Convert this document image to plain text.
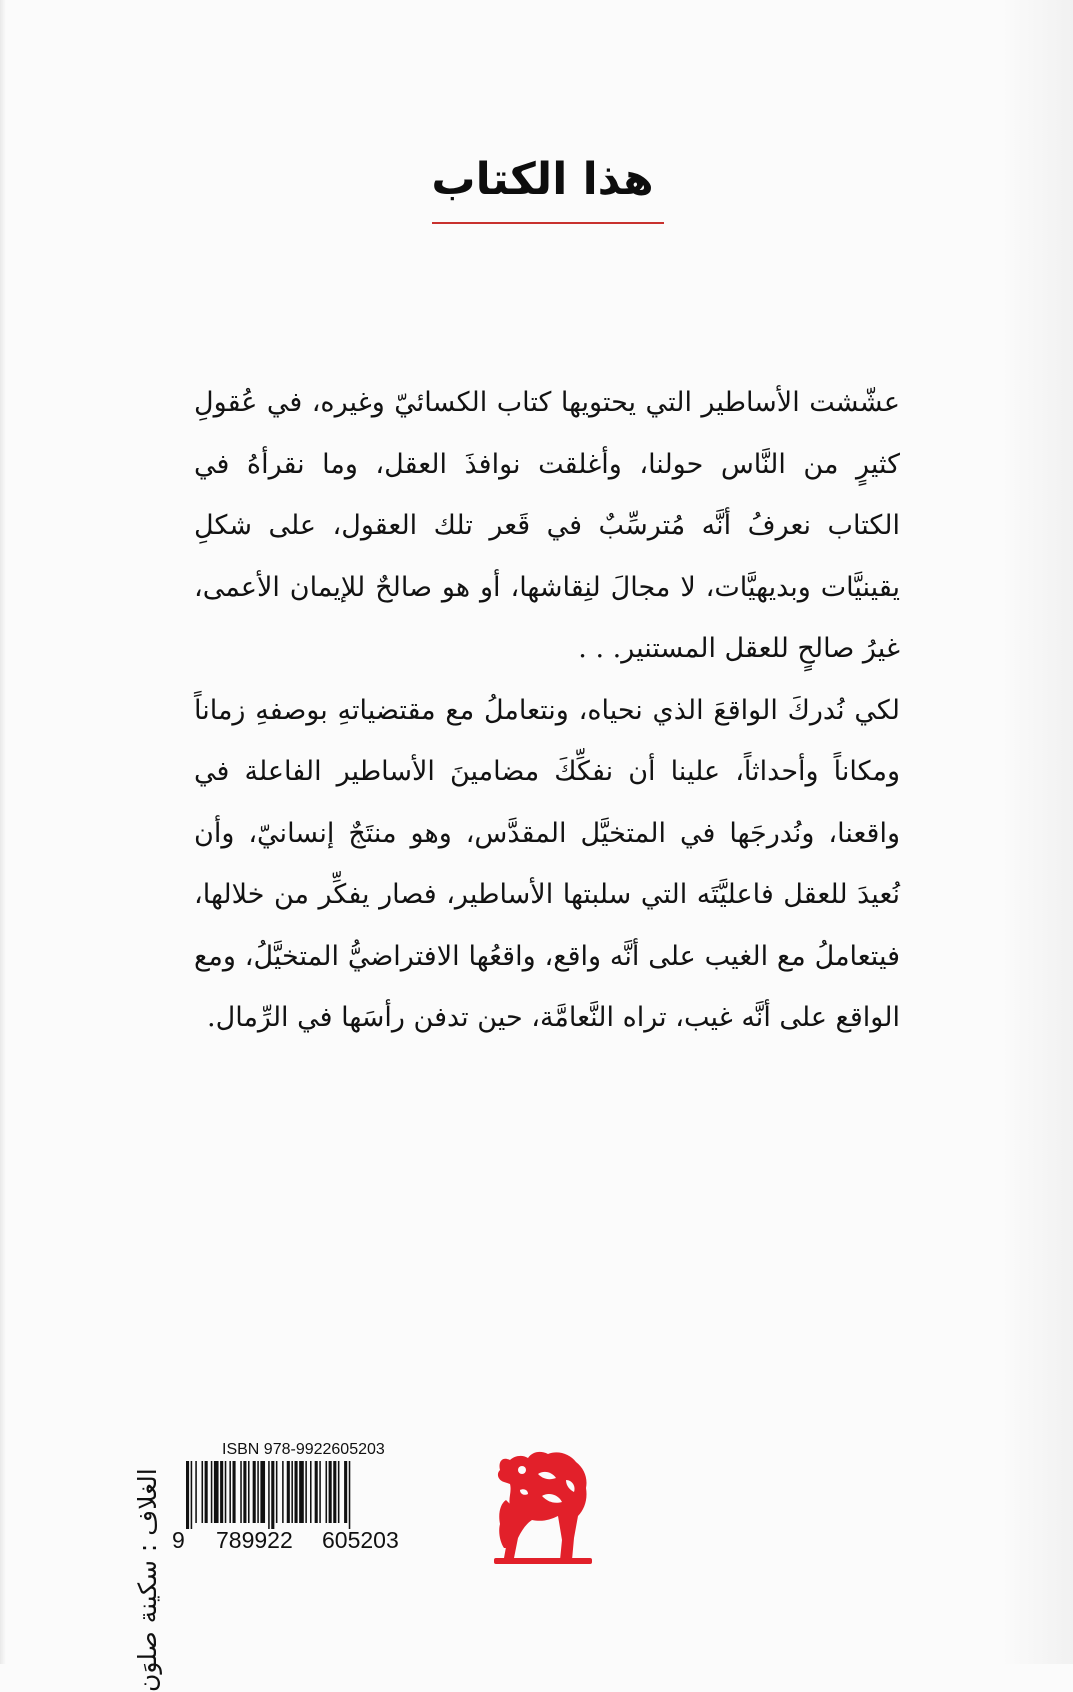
هذا الكتاب

عشّشت الأساطير التي يحتويها كتاب الكسائيّ وغيره، في عُقولِ كثيرٍ من النَّاس حولنا، وأغلقت نوافذَ العقل، وما نقرأهُ في الكتاب نعرفُ أنَّه مُترسِّبٌ في قَعر تلك العقول، على شكلِ يقينيَّات وبديهيَّات، لا مجالَ لنِقاشها، أو هو صالحٌ للإيمان الأعمى، غيرُ صالحٍ للعقل المستنير. . .

لكي نُدركَ الواقعَ الذي نحياه، ونتعاملُ مع مقتضياتهِ بوصفهِ زماناً ومكاناً وأحداثاً، علينا أن نفكِّكَ مضامينَ الأساطير الفاعلة في واقعنا، ونُدرجَها في المتخيَّل المقدَّس، وهو منتَجٌ إنسانيّ، وأن نُعيدَ للعقل فاعليَّتَه التي سلبتها الأساطير، فصار يفكِّر من خلالها، فيتعاملُ مع الغيب على أنَّه واقع، واقعُها الافتراضيُّ المتخيَّلُ، ومع الواقع على أنَّه غيب، تراه النَّعامَّة، حين تدفن رأسَها في الرِّمال.

الغلاف : سكينة صلوَن
ISBN 978-9922605203
9 789922 605203
